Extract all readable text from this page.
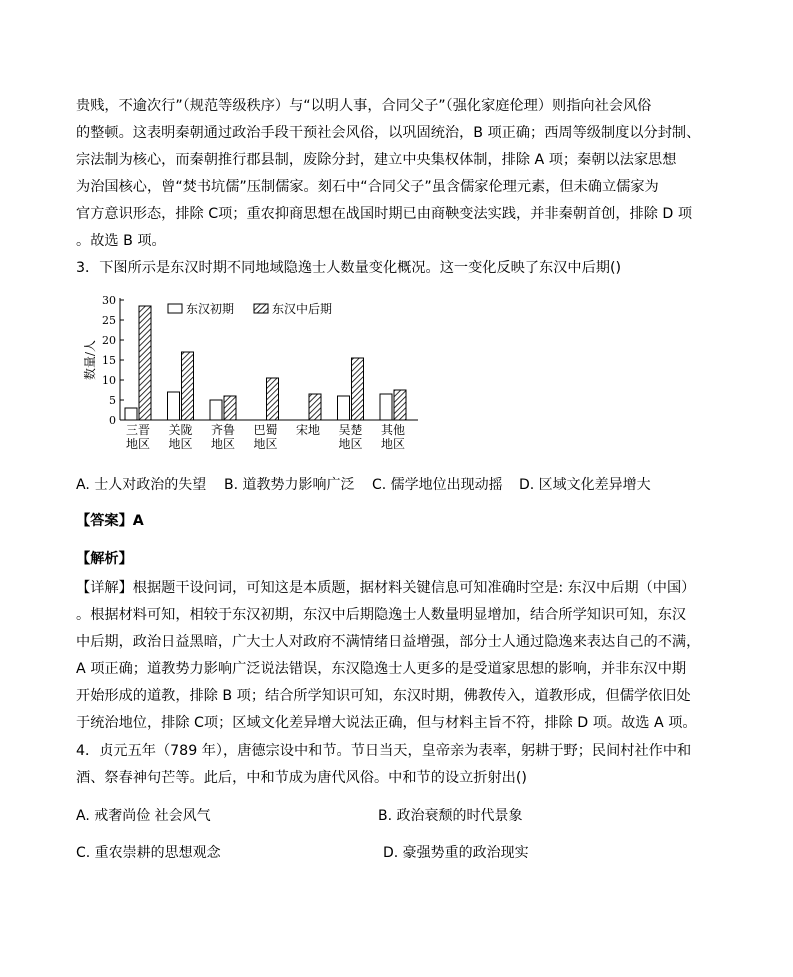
贵贱，不逾次行”（规范等级秩序）与“以明人事，合同父子”（强化家庭伦理）则指向社会风俗
的整顿。这表明秦朝通过政治手段干预社会风俗，以巩固统治，B 项正确；西周等级制度以分封制、
宗法制为核心，而秦朝推行郡县制，废除分封，建立中央集权体制，排除 A 项；秦朝以法家思想
为治国核心，曾“焚书坑儒”压制儒家。刻石中“合同父子”虽含儒家伦理元素，但未确立儒家为
官方意识形态，排除 C项；重农抑商思想在战国时期已由商鞅变法实践，并非秦朝首创，排除 D 项
。故选 B 项。
3．下图所示是东汉时期不同地域隐逸士人数量变化概况。这一变化反映了东汉中后期()
0
5
10
15
20
25
30
数量/人
三晋
地区
关陇
地区
齐鲁
地区
巴蜀
地区
宋地 吴楚
地区
其他
地区
东汉初期	东汉中后期
A. 士人对政治的失望 B. 道教势力影响广泛 C. 儒学地位出现动摇 D. 区域文化差异增大
【答案】A
【解析】
【详解】根据题干设问词，可知这是本质题，据材料关键信息可知准确时空是: 东汉中后期（中国）
。根据材料可知，相较于东汉初期，东汉中后期隐逸士人数量明显增加，结合所学知识可知，东汉
中后期，政治日益黑暗，广大士人对政府不满情绪日益增强，部分士人通过隐逸来表达自己的不满，
A 项正确；道教势力影响广泛说法错误，东汉隐逸士人更多的是受道家思想的影响，并非东汉中期
开始形成的道教，排除 B 项；结合所学知识可知，东汉时期，佛教传入，道教形成，但儒学依旧处
于统治地位，排除 C项；区域文化差异增大说法正确，但与材料主旨不符，排除 D 项。故选 A 项。
4．贞元五年（789 年），唐德宗设中和节。节日当天，皇帝亲为表率，躬耕于野；民间村社作中和
酒、祭春神句芒等。此后，中和节成为唐代风俗。中和节的设立折射出()
A. 戒奢尚俭 社会风气	B. 政治衰颓的时代景象
C. 重农崇耕的思想观念	D. 豪强势重的政治现实
